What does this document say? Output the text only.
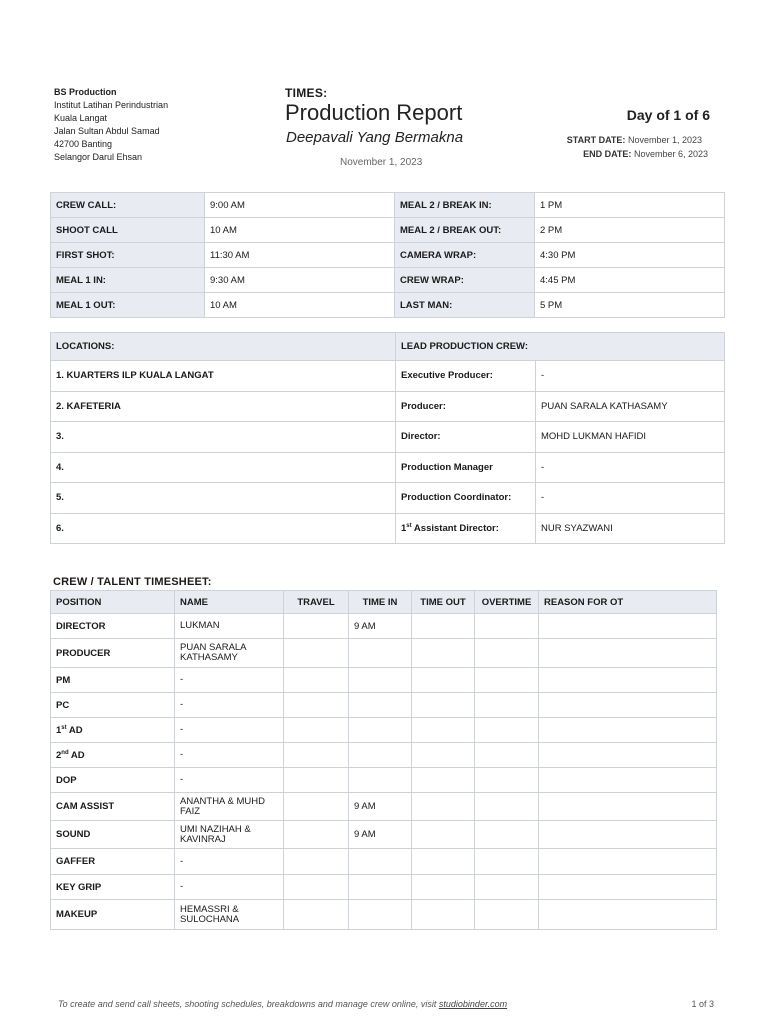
BS Production
Institut Latihan Perindustrian
Kuala Langat
Jalan Sultan Abdul Samad
42700 Banting
Selangor Darul Ehsan
TIMES:
Production Report
Deepavali Yang Bermakna
November 1, 2023
Day of 1 of 6
START DATE: November 1, 2023
END DATE: November 6, 2023
CREW CALL:	9:00 AM	MEAL 2 / BREAK IN:	1 PM
SHOOT CALL	10 AM	MEAL 2 / BREAK OUT:	2 PM
FIRST SHOT:	11:30 AM	CAMERA WRAP:	4:30 PM
MEAL 1 IN:	9:30 AM	CREW WRAP:	4:45 PM
MEAL 1 OUT:	10 AM	LAST MAN:	5 PM
LOCATIONS:	LEAD PRODUCTION CREW:	
1. KUARTERS ILP KUALA LANGAT	Executive Producer:	-
2. KAFETERIA	Producer:	PUAN SARALA KATHASAMY
3.	Director:	MOHD LUKMAN HAFIDI
4.	Production Manager	-
5.	Production Coordinator:	-
6.	1st Assistant Director:	NUR SYAZWANI
CREW / TALENT TIMESHEET:
POSITION	NAME	TRAVEL	TIME IN	TIME OUT	OVERTIME	REASON FOR OT
DIRECTOR	LUKMAN		9 AM			
PRODUCER	PUAN SARALA KATHASAMY					
PM	-					
PC	-					
1st AD	-					
2nd AD	-					
DOP	-					
CAM ASSIST	ANANTHA & MUHD FAIZ		9 AM			
SOUND	UMI NAZIHAH & KAVINRAJ		9 AM			
GAFFER	-					
KEY GRIP	-					
MAKEUP	HEMASSRI & SULOCHANA					
To create and send call sheets, shooting schedules, breakdowns and manage crew online, visit studiobinder.com	1 of 3
